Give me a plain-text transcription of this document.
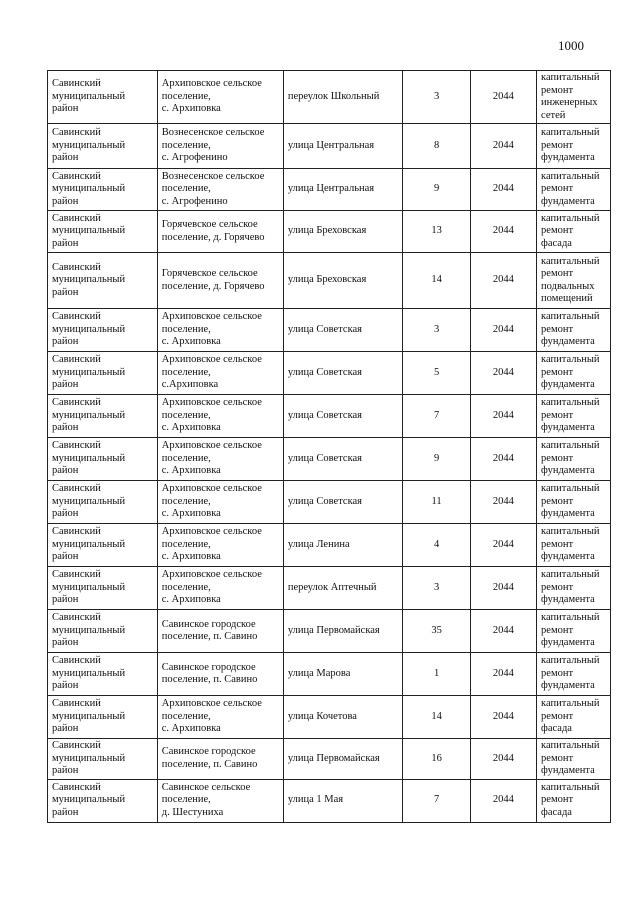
1000
Савинский
муниципальный
район	Архиповское сельское
поселение,
с. Архиповка	переулок Школьный	3	2044	капитальный
ремонт
инженерных
сетей
Савинский
муниципальный
район	Вознесенское сельское
поселение,
с. Агрофенино	улица Центральная	8	2044	капитальный
ремонт
фундамента
Савинский
муниципальный
район	Вознесенское сельское
поселение,
с. Агрофенино	улица Центральная	9	2044	капитальный
ремонт
фундамента
Савинский
муниципальный
район	Горячевское сельское
поселение, д. Горячево	улица Бреховская	13	2044	капитальный
ремонт фасада
Савинский
муниципальный
район	Горячевское сельское
поселение, д. Горячево	улица Бреховская	14	2044	капитальный
ремонт
подвальных
помещений
Савинский
муниципальный
район	Архиповское сельское
поселение,
с. Архиповка	улица Советская	3	2044	капитальный
ремонт
фундамента
Савинский
муниципальный
район	Архиповское сельское
поселение,
с.Архиповка	улица Советская	5	2044	капитальный
ремонт
фундамента
Савинский
муниципальный
район	Архиповское сельское
поселение,
с. Архиповка	улица Советская	7	2044	капитальный
ремонт
фундамента
Савинский
муниципальный
район	Архиповское сельское
поселение,
с. Архиповка	улица Советская	9	2044	капитальный
ремонт
фундамента
Савинский
муниципальный
район	Архиповское сельское
поселение,
с. Архиповка	улица Советская	11	2044	капитальный
ремонт
фундамента
Савинский
муниципальный
район	Архиповское сельское
поселение,
с. Архиповка	улица Ленина	4	2044	капитальный
ремонт
фундамента
Савинский
муниципальный
район	Архиповское сельское
поселение,
с. Архиповка	переулок Аптечный	3	2044	капитальный
ремонт
фундамента
Савинский
муниципальный
район	Савинское городское
поселение, п. Савино	улица Первомайская	35	2044	капитальный
ремонт
фундамента
Савинский
муниципальный
район	Савинское городское
поселение, п. Савино	улица Марова	1	2044	капитальный
ремонт
фундамента
Савинский
муниципальный
район	Архиповское сельское
поселение,
с. Архиповка	улица Кочетова	14	2044	капитальный
ремонт фасада
Савинский
муниципальный
район	Савинское городское
поселение, п. Савино	улица Первомайская	16	2044	капитальный
ремонт
фундамента
Савинский
муниципальный
район	Савинское сельское
поселение,
д. Шестуниха	улица 1 Мая	7	2044	капитальный
ремонт фасада
